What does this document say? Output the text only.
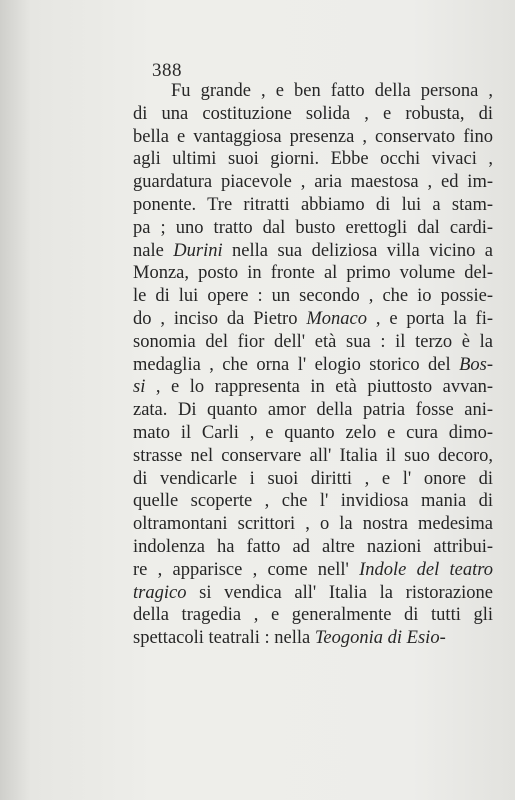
388
Fu grande , e ben fatto della persona ,
di una costituzione solida , e robusta, di
bella e vantaggiosa presenza , conservato fino
agli ultimi suoi giorni. Ebbe occhi vivaci ,
guardatura piacevole , aria maestosa , ed im-
ponente. Tre ritratti abbiamo di lui a stam-
pa ; uno tratto dal busto erettogli dal cardi-
nale Durini nella sua deliziosa villa vicino a
Monza, posto in fronte al primo volume del-
le di lui opere : un secondo , che io possie-
do , inciso da Pietro Monaco , e porta la fi-
sonomia del fior dell' età sua : il terzo è la
medaglia , che orna l' elogio storico del Bos-
si , e lo rappresenta in età piuttosto avvan-
zata. Di quanto amor della patria fosse ani-
mato il Carli , e quanto zelo e cura dimo-
strasse nel conservare all' Italia il suo decoro,
di vendicarle i suoi diritti , e l' onore di
quelle scoperte , che l' invidiosa mania di
oltramontani scrittori , o la nostra medesima
indolenza ha fatto ad altre nazioni attribui-
re , apparisce , come nell' Indole del teatro
tragico si vendica all' Italia la ristorazione
della tragedia , e generalmente di tutti gli
spettacoli teatrali : nella Teogonia di Esio-
